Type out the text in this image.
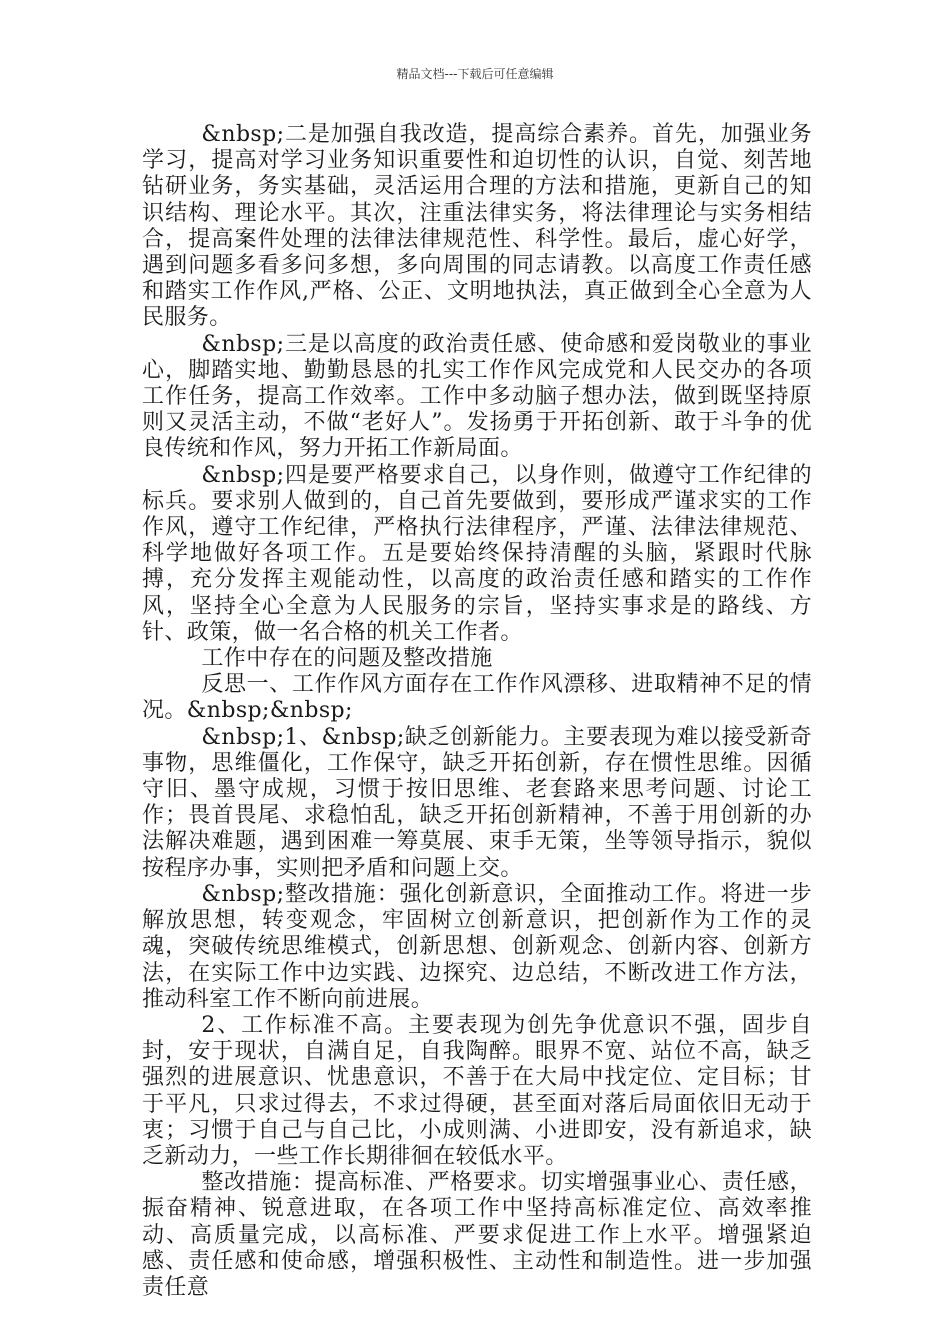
精品文档---下载后可任意编辑

&nbsp;二是加强自我改造，提高综合素养。首先，加强业务学习，提高对学习业务知识重要性和迫切性的认识，自觉、刻苦地钻研业务，务实基础，灵活运用合理的方法和措施，更新自己的知识结构、理论水平。其次，注重法律实务，将法律理论与实务相结合，提高案件处理的法律法律规范性、科学性。最后，虚心好学，遇到问题多看多问多想，多向周围的同志请教。以高度工作责任感和踏实工作作风,严格、公正、文明地执法，真正做到全心全意为人民服务。

&nbsp;三是以高度的政治责任感、使命感和爱岗敬业的事业心，脚踏实地、勤勤恳恳的扎实工作作风完成党和人民交办的各项工作任务，提高工作效率。工作中多动脑子想办法，做到既坚持原则又灵活主动，不做“老好人”。发扬勇于开拓创新、敢于斗争的优良传统和作风，努力开拓工作新局面。

&nbsp;四是要严格要求自己，以身作则，做遵守工作纪律的标兵。要求别人做到的，自己首先要做到，要形成严谨求实的工作作风，遵守工作纪律，严格执行法律程序，严谨、法律法律规范、科学地做好各项工作。五是要始终保持清醒的头脑，紧跟时代脉搏，充分发挥主观能动性，以高度的政治责任感和踏实的工作作风，坚持全心全意为人民服务的宗旨，坚持实事求是的路线、方针、政策，做一名合格的机关工作者。

工作中存在的问题及整改措施

反思一、工作作风方面存在工作作风漂移、进取精神不足的情况。&nbsp;&nbsp;

&nbsp;1、&nbsp;缺乏创新能力。主要表现为难以接受新奇事物，思维僵化，工作保守，缺乏开拓创新，存在惯性思维。因循守旧、墨守成规，习惯于按旧思维、老套路来思考问题、讨论工作；畏首畏尾、求稳怕乱，缺乏开拓创新精神，不善于用创新的办法解决难题，遇到困难一筹莫展、束手无策，坐等领导指示，貌似按程序办事，实则把矛盾和问题上交。

&nbsp;整改措施：强化创新意识，全面推动工作。将进一步解放思想，转变观念，牢固树立创新意识，把创新作为工作的灵魂，突破传统思维模式，创新思想、创新观念、创新内容、创新方法，在实际工作中边实践、边探究、边总结，不断改进工作方法，推动科室工作不断向前进展。

2、工作标准不高。主要表现为创先争优意识不强，固步自封，安于现状，自满自足，自我陶醉。眼界不宽、站位不高，缺乏强烈的进展意识、忧患意识，不善于在大局中找定位、定目标；甘于平凡，只求过得去，不求过得硬，甚至面对落后局面依旧无动于衷；习惯于自己与自己比，小成则满、小进即安，没有新追求，缺乏新动力，一些工作长期徘徊在较低水平。

整改措施：提高标准、严格要求。切实增强事业心、责任感，振奋精神、锐意进取，在各项工作中坚持高标准定位、高效率推动、高质量完成，以高标准、严要求促进工作上水平。增强紧迫感、责任感和使命感，增强积极性、主动性和制造性。进一步加强责任意
